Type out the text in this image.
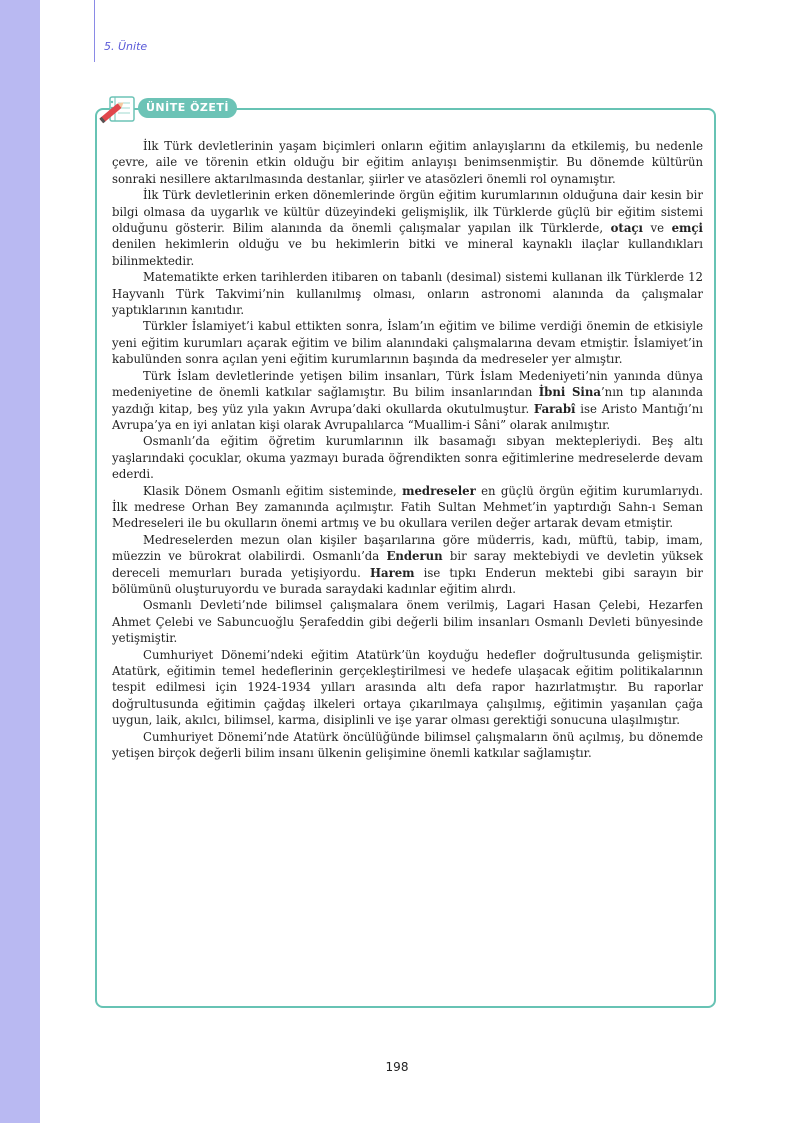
5. Ünite
ÜNİTE ÖZETİ

İlk Türk devletlerinin yaşam biçimleri onların eğitim anlayışlarını da etkilemiş, bu nedenle çevre, aile ve törenin etkin olduğu bir eğitim anlayışı benimsenmiştir. Bu dönemde kültürün sonraki nesillere aktarılmasında destanlar, şiirler ve atasözleri önemli rol oynamıştır.

İlk Türk devletlerinin erken dönemlerinde örgün eğitim kurumlarının olduğuna dair kesin bir bilgi olmasa da uygarlık ve kültür düzeyindeki gelişmişlik, ilk Türklerde güçlü bir eğitim sistemi olduğunu gösterir. Bilim alanında da önemli çalışmalar yapılan ilk Türklerde, otaçı ve emçi denilen hekimlerin olduğu ve bu hekimlerin bitki ve mineral kaynaklı ilaçlar kullandıkları bilinmektedir.

Matematikte erken tarihlerden itibaren on tabanlı (desimal) sistemi kullanan ilk Türklerde 12 Hayvanlı Türk Takvimi’nin kullanılmış olması, onların astronomi alanında da çalışmalar yaptıklarının kanıtıdır.

Türkler İslamiyet’i kabul ettikten sonra, İslam’ın eğitim ve bilime verdiği önemin de etkisiyle yeni eğitim kurumları açarak eğitim ve bilim alanındaki çalışmalarına devam etmiştir. İslamiyet’in kabulünden sonra açılan yeni eğitim kurumlarının başında da medreseler yer almıştır.

Türk İslam devletlerinde yetişen bilim insanları, Türk İslam Medeniyeti’nin yanında dünya medeniyetine de önemli katkılar sağlamıştır. Bu bilim insanlarından İbni Sina’nın tıp alanında yazdığı kitap, beş yüz yıla yakın Avrupa’daki okullarda okutulmuştur. Farabî ise Aristo Mantığı’nı Avrupa’ya en iyi anlatan kişi olarak Avrupalılarca “Muallim-i Sâni” olarak anılmıştır.

Osmanlı’da eğitim öğretim kurumlarının ilk basamağı sıbyan mektepleriydi. Beş altı yaşlarındaki çocuklar, okuma yazmayı burada öğrendikten sonra eğitimlerine medreselerde devam ederdi.

Klasik Dönem Osmanlı eğitim sisteminde, medreseler en güçlü örgün eğitim kurumlarıydı. İlk medrese Orhan Bey zamanında açılmıştır. Fatih Sultan Mehmet’in yaptırdığı Sahn-ı Seman Medreseleri ile bu okulların önemi artmış ve bu okullara verilen değer artarak devam etmiştir.

Medreselerden mezun olan kişiler başarılarına göre müderris, kadı, müftü, tabip, imam, müezzin ve bürokrat olabilirdi. Osmanlı’da Enderun bir saray mektebiydi ve devletin yüksek dereceli memurları burada yetişiyordu. Harem ise tıpkı Enderun mektebi gibi sarayın bir bölümünü oluşturuyordu ve burada saraydaki kadınlar eğitim alırdı.

Osmanlı Devleti’nde bilimsel çalışmalara önem verilmiş, Lagari Hasan Çelebi, Hezarfen Ahmet Çelebi ve Sabuncuoğlu Şerafeddin gibi değerli bilim insanları Osmanlı Devleti bünyesinde yetişmiştir.

Cumhuriyet Dönemi’ndeki eğitim Atatürk’ün koyduğu hedefler doğrultusunda gelişmiştir. Atatürk, eğitimin temel hedeflerinin gerçekleştirilmesi ve hedefe ulaşacak eğitim politikalarının tespit edilmesi için 1924-1934 yılları arasında altı defa rapor hazırlatmıştır. Bu raporlar doğrultusunda eğitimin çağdaş ilkeleri ortaya çıkarılmaya çalışılmış, eğitimin yaşanılan çağa uygun, laik, akılcı, bilimsel, karma, disiplinli ve işe yarar olması gerektiği sonucuna ulaşılmıştır.

Cumhuriyet Dönemi’nde Atatürk öncülüğünde bilimsel çalışmaların önü açılmış, bu dönemde yetişen birçok değerli bilim insanı ülkenin gelişimine önemli katkılar sağlamıştır.

198
